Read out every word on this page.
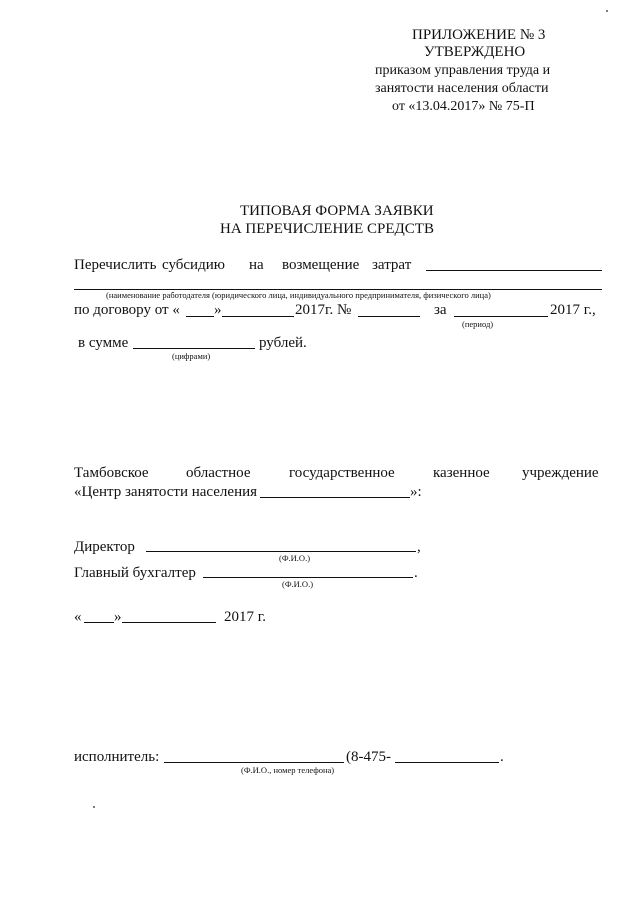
ПРИЛОЖЕНИЕ № 3
УТВЕРЖДЕНО
приказом управления труда и
занятости населения области
от «13.04.2017» № 75-П
ТИПОВАЯ ФОРМА ЗАЯВКИ
НА ПЕРЕЧИСЛЕНИЕ СРЕДСТВ
Перечислить субсидию на возмещение затрат
(наименование работодателя (юридического лица, индивидуального предпринимателя, физического лица)
по договору от « »	2017г. №	за	2017 г.,
(период)
в сумме	рублей.
(цифрами)
Тамбовское областное	государственное	казенное учреждение
«Центр занятости населения	»:
Директор	,
(Ф.И.О.)
Главный бухгалтер	.
(Ф.И.О.)
« »	2017 г.
исполнитель:	(8-475-	.
(Ф.И.О., номер телефона)
